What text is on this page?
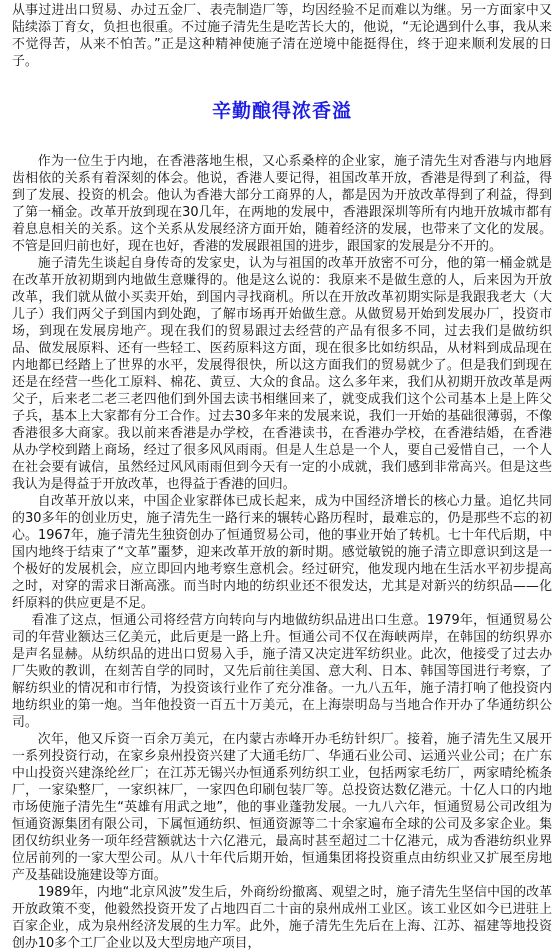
从事过进出口贸易、办过五金厂、表壳制造厂等，均因经验不足而难以为继。另一方面家中又陆续添丁育女，负担也很重。不过施子清先生是吃苦长大的，他说，“无论遇到什么事，我从来不觉得苦，从来不怕苦。”正是这种精神使施子清在逆境中能挺得住，终于迎来顺利发展的日子。

辛勤酿得浓香溢

作为一位生于内地，在香港落地生根，又心系桑梓的企业家，施子清先生对香港与内地唇齿相依的关系有着深刻的体会。他说，香港人要记得，祖国改革开放，香港是得到了利益，得到了发展、投资的机会。他认为香港大部分工商界的人，都是因为开放改革得到了利益，得到了第一桶金。改革开放到现在30几年，在两地的发展中，香港跟深圳等所有内地开放城市都有着息息相关的关系。这个关系从发展经济方面开始，随着经济的发展，也带来了文化的发展。不管是回归前也好，现在也好，香港的发展跟祖国的进步，跟国家的发展是分不开的。

施子清先生谈起自身传奇的发家史，认为与祖国的改革开放密不可分，他的第一桶金就是在改革开放初期到内地做生意赚得的。他是这么说的：我原来不是做生意的人，后来因为开放改革，我们就从做小买卖开始，到国内寻找商机。所以在开放改革初期实际是我跟我老大（大儿子）我们两父子到国内到处跑，了解市场再开始做生意。从做贸易开始到发展办厂，投资市场，到现在发展房地产。现在我们的贸易跟过去经营的产品有很多不同，过去我们是做纺织品、做发展原料、还有一些轻工、医药原料这方面，现在很多比如纺织品，从材料到成品现在内地都已经踏上了世界的水平，发展得很快，所以这方面我们的贸易就少了。但是我们到现在还是在经营一些化工原料、棉花、黄豆、大众的食品。这么多年来，我们从初期开放改革是两父子，后来老二老三老四他们到外国去读书相继回来了，就变成我们这个公司基本上是上阵父子兵，基本上大家都有分工合作。过去30多年来的发展来说，我们一开始的基础很薄弱，不像香港很多大商家。我以前来香港是办学校，在香港读书，在香港办学校，在香港结婚，在香港从办学校到踏上商场，经过了很多风风雨雨。但是人生总是一个人，要自己爱惜自己，一个人在社会要有诚信，虽然经过风风雨雨但到今天有一定的小成就，我们感到非常高兴。但是这些我认为是得益于开放改革，也得益于香港的回归。

自改革开放以来，中国企业家群体已成长起来，成为中国经济增长的核心力量。追忆共同的30多年的创业历史，施子清先生一路行来的辗转心路历程时，最难忘的，仍是那些不忘的初心。1967年，施子清先生独资创办了恒通贸易公司，他的事业开始了转机。七十年代后期，中国内地终于结束了“文革”噩梦，迎来改革开放的新时期。感觉敏锐的施子清立即意识到这是一个极好的发展机会，应立即回内地考察生意机会。经过研究，他发现内地在生活水平初步提高之时，对穿的需求日渐高涨。而当时内地的纺织业还不很发达，尤其是对新兴的纺织品——化纤原料的供应更是不足。

看准了这点，恒通公司将经营方向转向与内地做纺织品进出口生意。1979年，恒通贸易公司的年营业额达三亿美元，此后更是一路上升。恒通公司不仅在海峡两岸，在韩国的纺织界亦是声名显赫。从纺织品的进出口贸易入手，施子清又决定进军纺织业。此次，他接受了过去办厂失败的教训，在刻苦自学的同时，又先后前往美国、意大利、日本、韩国等国进行考察，了解纺织业的情况和市行情，为投资该行业作了充分准备。一九八五年，施子清打响了他投资内地纺织业的第一炮。当年他投资一百五十万美元，在上海崇明岛与当地合作开办了华通纺织公司。

次年，他又斥资一百余万美元，在内蒙古赤峰开办毛纺针织厂。接着，施子清先生又展开一系列投资行动，在家乡泉州投资兴建了大通毛纺厂、华通石业公司、运通兴业公司；在广东中山投资兴建涤纶丝厂；在江苏无锡兴办恒通系列纺织工业，包括两家毛纺厂，两家晴纶梳条厂，一家染整厂，一家织袜厂，一家四色印刷包装厂等。总投资达数亿港元。十亿人口的内地市场使施子清先生“英雄有用武之地”，他的事业蓬勃发展。一九八六年，恒通贸易公司改组为恒通资源集团有限公司，下属恒通纺织、恒通资源等二十余家遍布全球的公司及多家企业。集团仅纺织业务一项年经营额就达十六亿港元，最高时甚至超过二十亿港元，成为香港纺织业界位居前列的一家大型公司。从八十年代后期开始，恒通集团将投资重点由纺织业又扩展至房地产及基础设施建设等方面。

1989年，内地“北京风波”发生后，外商纷纷撤离、观望之时，施子清先生坚信中国的改革开放政策不变，他毅然投资开发了占地四百二十亩的泉州成州工业区。该工业区如今已进驻上百家企业，成为泉州经济发展的生力军。此外，施子清先生先后在上海、江苏、福建等地投资创办10多个工厂企业以及大型房地产项目，
